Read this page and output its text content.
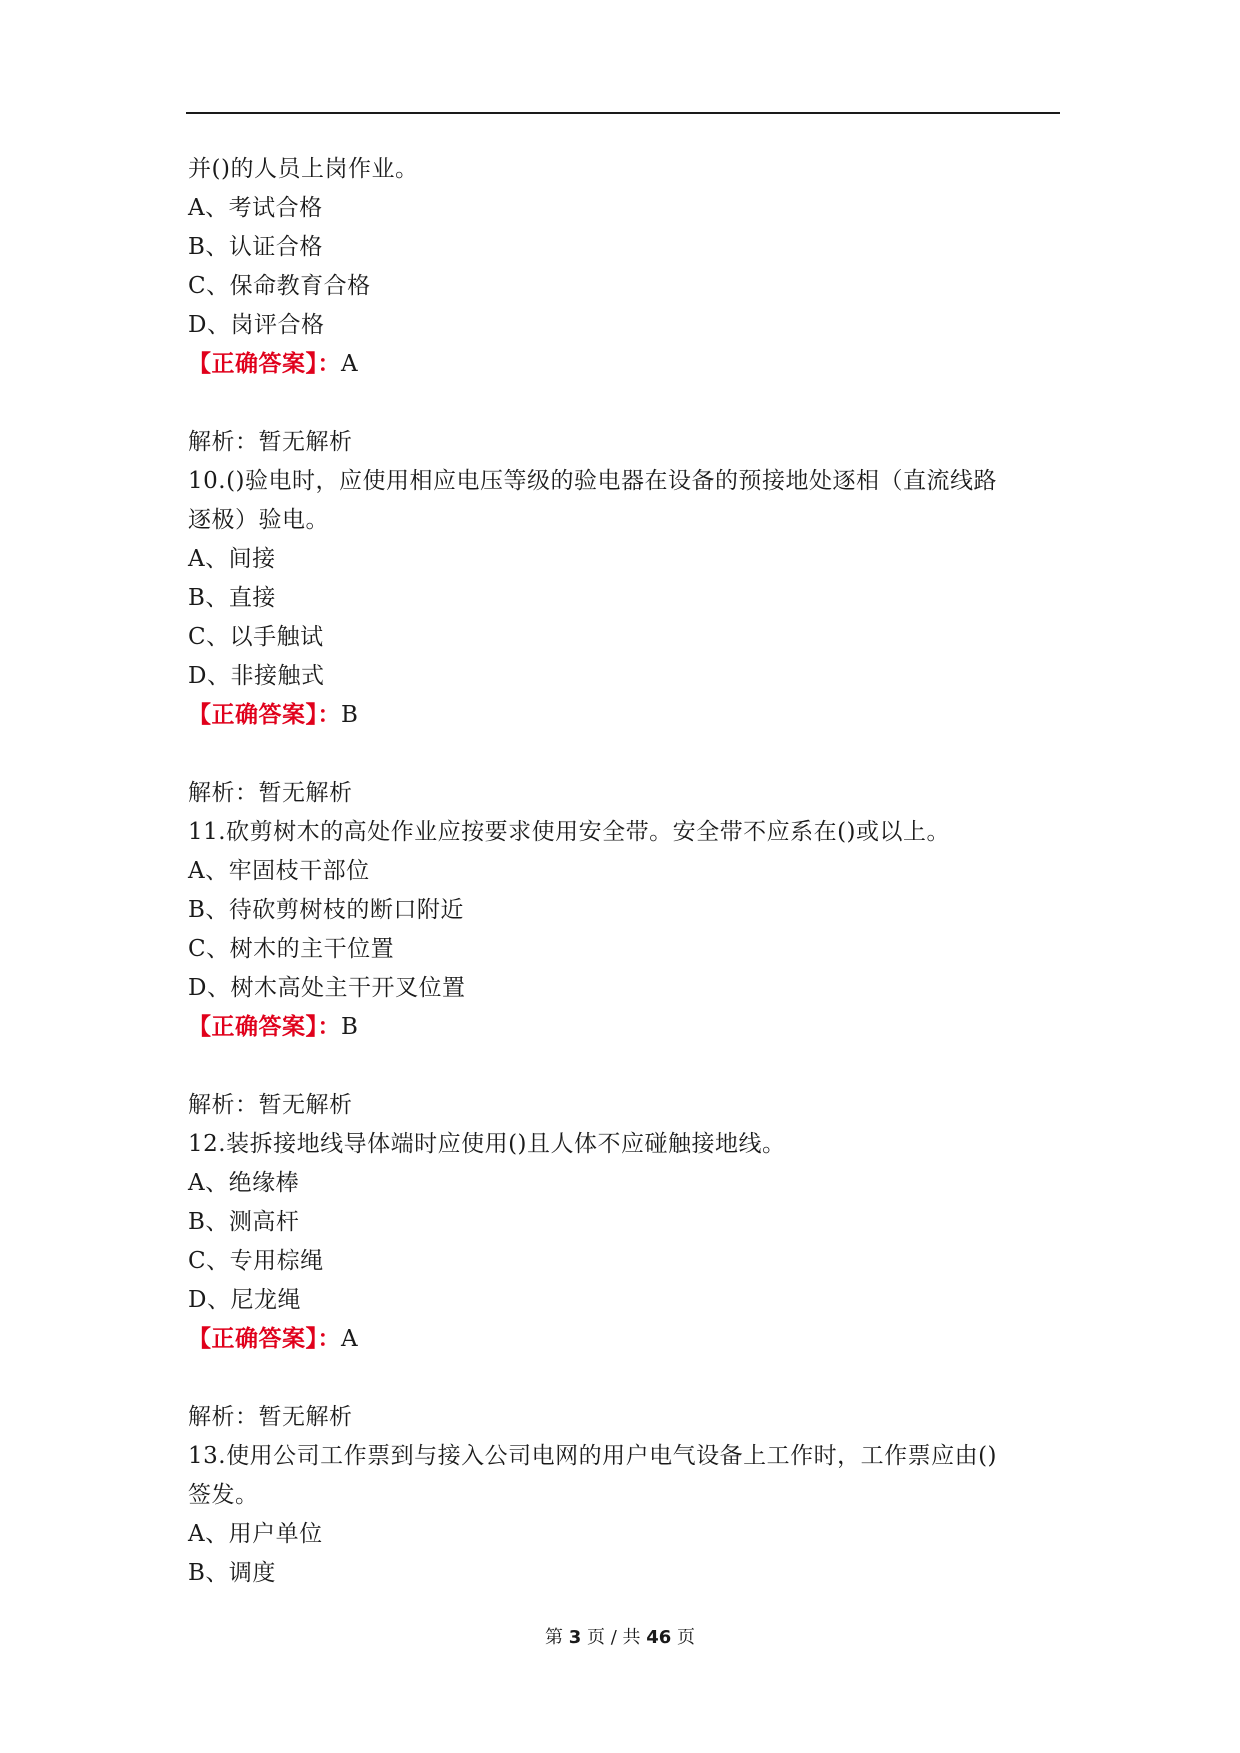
并()的人员上岗作业。
A、考试合格
B、认证合格
C、保命教育合格
D、岗评合格
【正确答案】：A
解析：暂无解析
10.()验电时，应使用相应电压等级的验电器在设备的预接地处逐相（直流线路
逐极）验电。
A、间接
B、直接
C、以手触试
D、非接触式
【正确答案】：B
解析：暂无解析
11.砍剪树木的高处作业应按要求使用安全带。安全带不应系在()或以上。
A、牢固枝干部位
B、待砍剪树枝的断口附近
C、树木的主干位置
D、树木高处主干开叉位置
【正确答案】：B
解析：暂无解析
12.装拆接地线导体端时应使用()且人体不应碰触接地线。
A、绝缘棒
B、测高杆
C、专用棕绳
D、尼龙绳
【正确答案】：A
解析：暂无解析
13.使用公司工作票到与接入公司电网的用户电气设备上工作时，工作票应由()
签发。
A、用户单位
B、调度
第 3 页 / 共 46 页
